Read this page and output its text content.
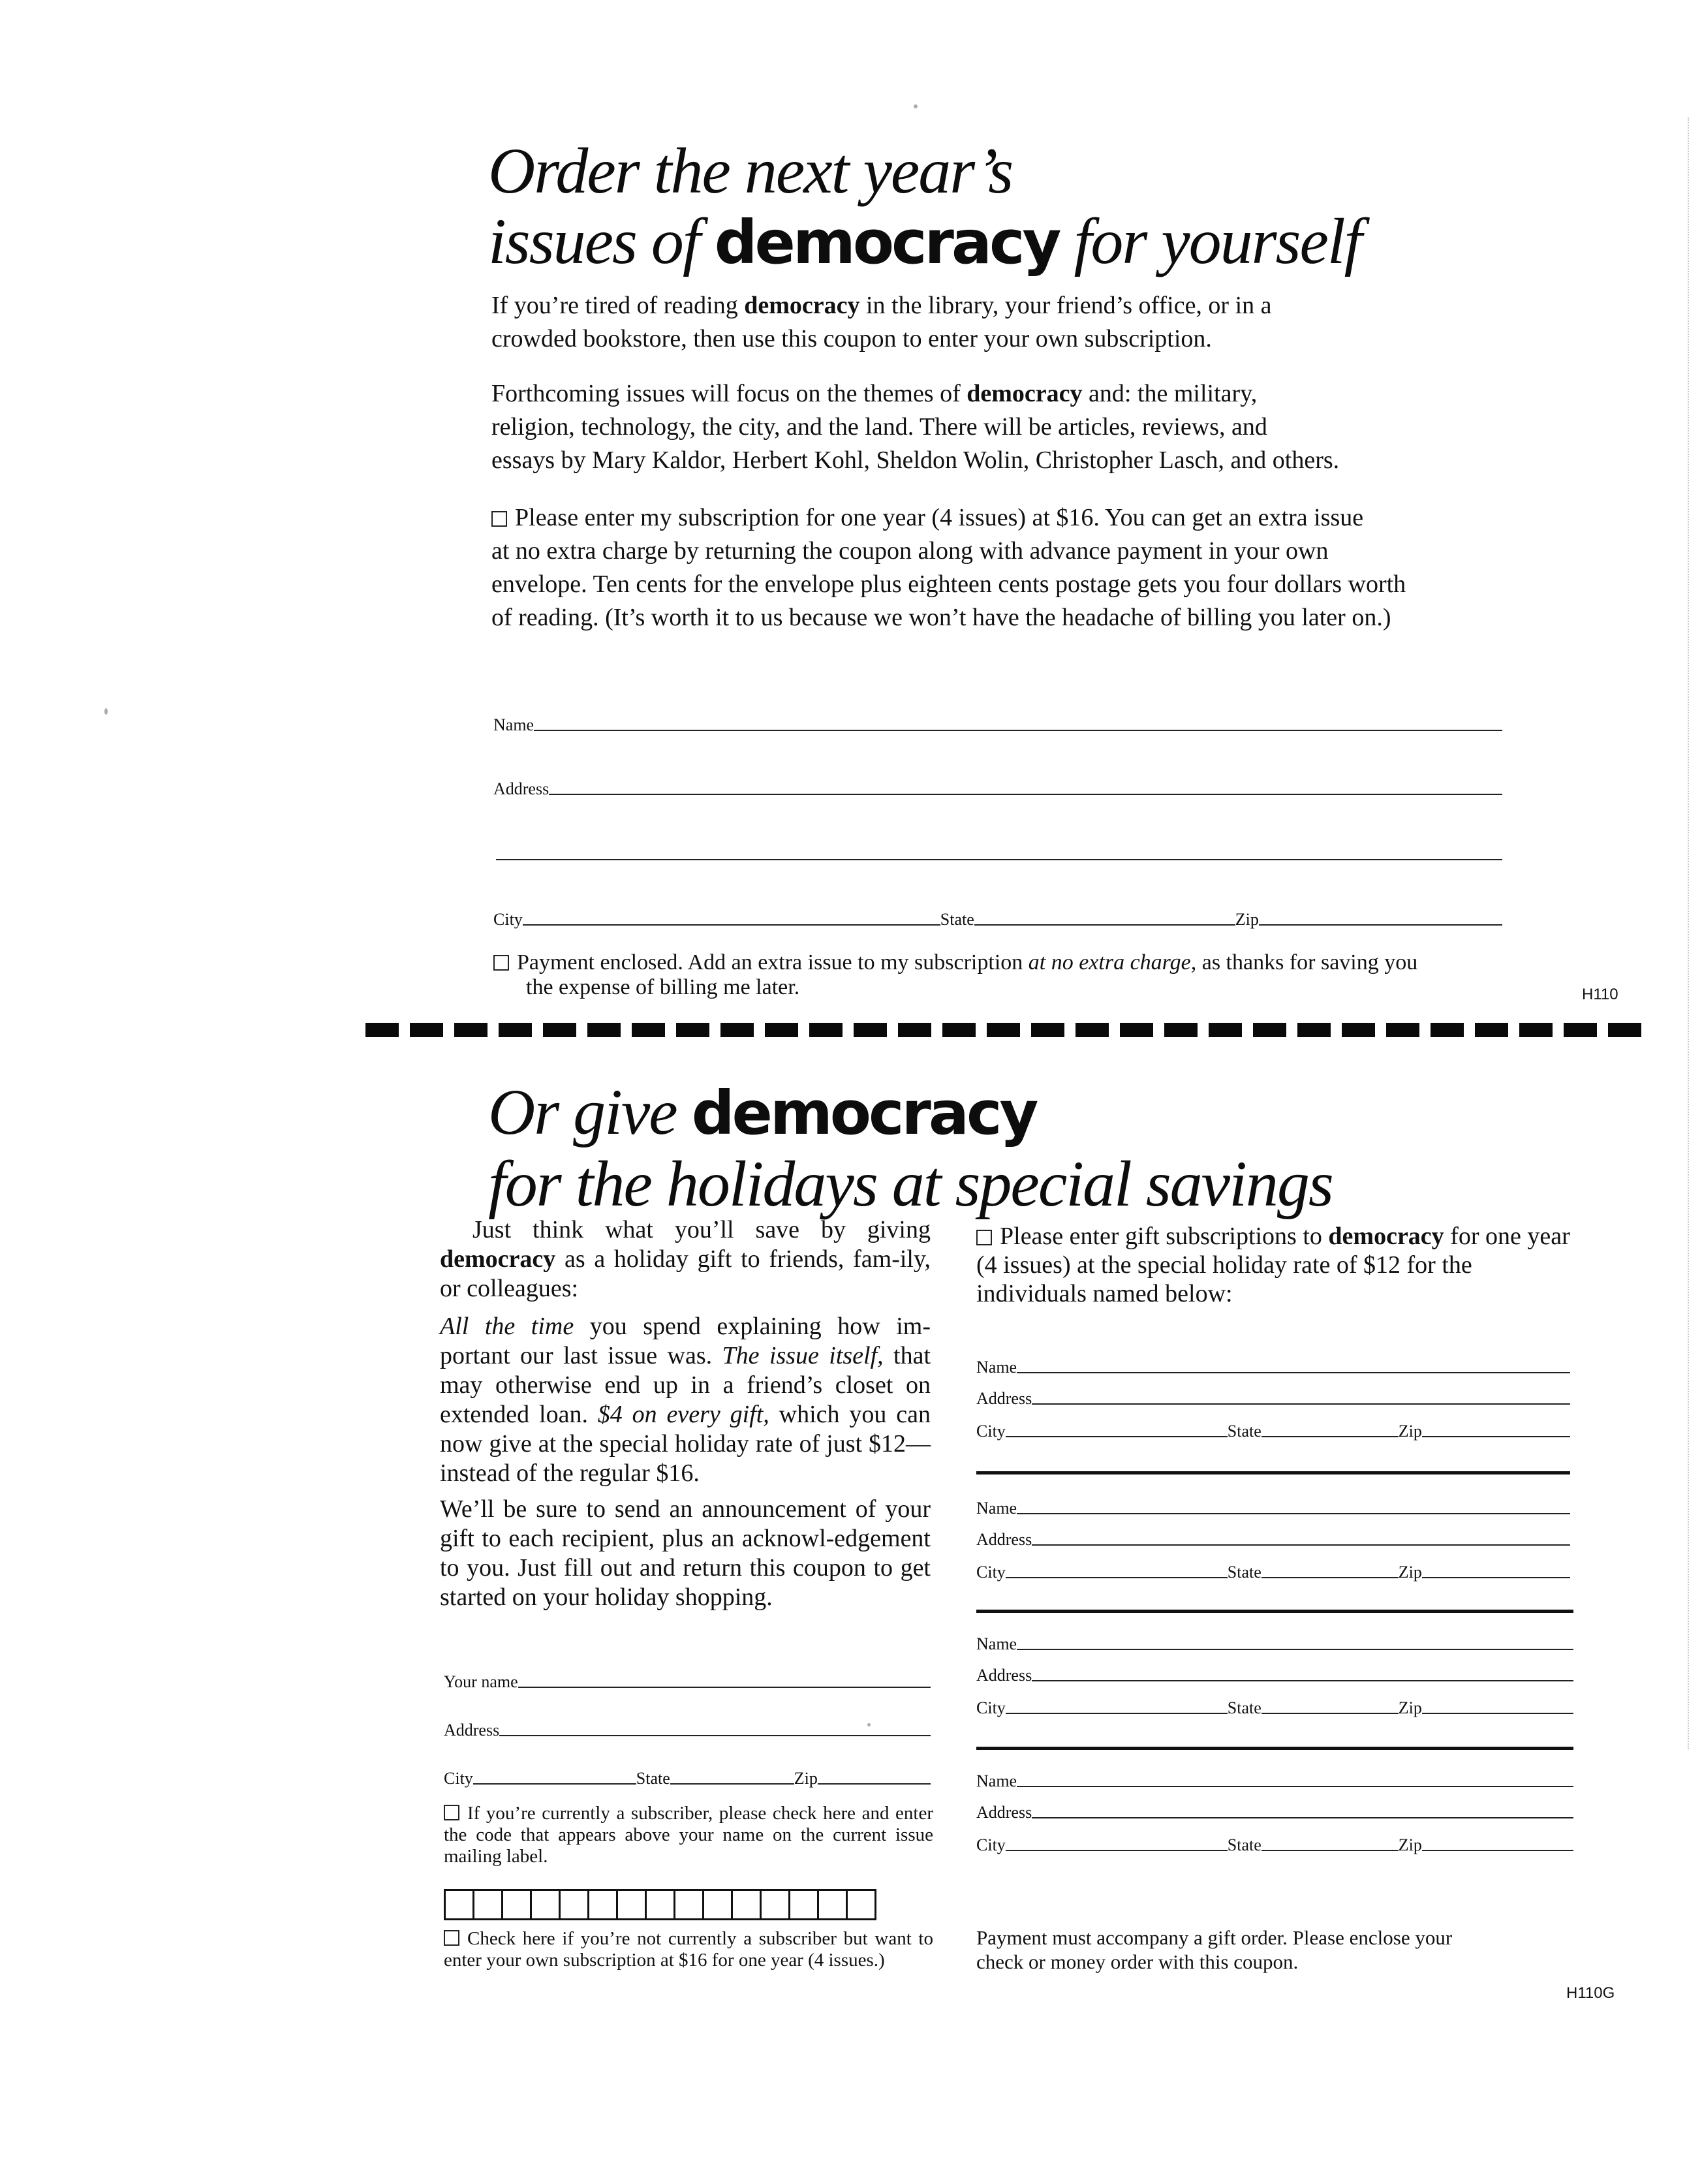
Order the next year’s
issues of democracy for yourself
If you’re tired of reading democracy in the library, your friend’s office, or in a
crowded bookstore, then use this coupon to enter your own subscription.
Forthcoming issues will focus on the themes of democracy and: the military,
religion, technology, the city, and the land. There will be articles, reviews, and
essays by Mary Kaldor, Herbert Kohl, Sheldon Wolin, Christopher Lasch, and others.
Please enter my subscription for one year (4 issues) at $16. You can get an extra issue
at no extra charge by returning the coupon along with advance payment in your own
envelope. Ten cents for the envelope plus eighteen cents postage gets you four dollars worth
of reading. (It’s worth it to us because we won’t have the headache of billing you later on.)
Name
Address
City	State	Zip
Payment enclosed. Add an extra issue to my subscription at no extra charge, as thanks for saving you
the expense of billing me later.	H110
Or give democracy
for the holidays at special savings
Just think what you’ll save by giving democracy as a holiday gift to friends, fam-ily, or colleagues:
All the time you spend explaining how im-portant our last issue was. The issue itself, that may otherwise end up in a friend’s closet on extended loan. $4 on every gift, which you can now give at the special holiday rate of just $12—instead of the regular $16.
We’ll be sure to send an announcement of your gift to each recipient, plus an acknowl-edgement to you. Just fill out and return this coupon to get started on your holiday shopping.
Your name
Address
City	State	Zip
If you’re currently a subscriber, please check here and enter the code that appears above your name on the current issue mailing label.
Check here if you’re not currently a subscriber but want to enter your own subscription at $16 for one year (4 issues.)
Please enter gift subscriptions to democracy for one year (4 issues) at the special holiday rate of $12 for the individuals named below:
Name
Address
City	State	Zip
Name
Address
City	State	Zip
Name
Address
City	State	Zip
Name
Address
City	State	Zip
Payment must accompany a gift order. Please enclose your
check or money order with this coupon.
H110G
